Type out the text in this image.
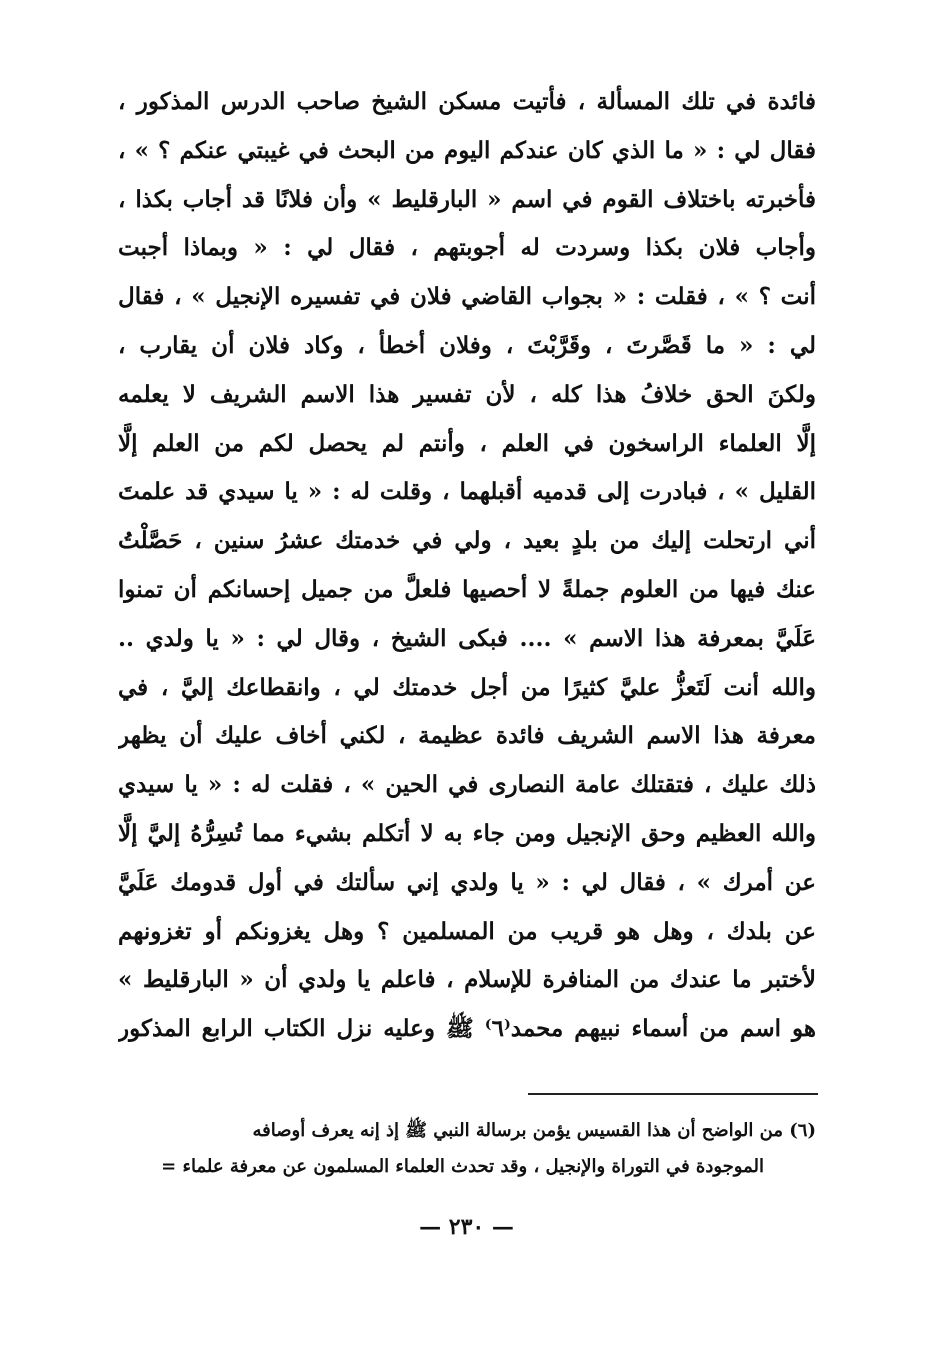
فائدة في تلك المسألة ، فأتيت مسكن الشيخ صاحب الدرس المذكور ،
فقال لي : « ما الذي كان عندكم اليوم من البحث في غيبتي عنكم ؟ » ،
فأخبرته باختلاف القوم في اسم « البارقليط » وأن فلانًا قد أجاب بكذا ،
وأجاب فلان بكذا وسردت له أجوبتهم ، فقال لي : « وبماذا أجبت
أنت ؟ » ، فقلت : « بجواب القاضي فلان في تفسيره الإنجيل » ، فقال
لي : « ما قَصَّرتَ ، وقَرَّبْتَ ، وفلان أخطأ ، وكاد فلان أن يقارب ،
ولكنَ الحق خلافُ هذا كله ، لأن تفسير هذا الاسم الشريف لا يعلمه
إلَّا العلماء الراسخون في العلم ، وأنتم لم يحصل لكم من العلم إلَّا
القليل » ، فبادرت إلى قدميه أقبلهما ، وقلت له : « يا سيدي قد علمتَ
أني ارتحلت إليك من بلدٍ بعيد ، ولي في خدمتك عشرُ سنين ، حَصَّلْتُ
عنك فيها من العلوم جملةً لا أحصيها فلعلَّ من جميل إحسانكم أن تمنوا
عَلَيَّ بمعرفة هذا الاسم » .... فبكى الشيخ ، وقال لي : « يا ولدي ..
والله أنت لَتَعزُّ عليَّ كثيرًا من أجل خدمتك لي ، وانقطاعك إليَّ ، في
معرفة هذا الاسم الشريف فائدة عظيمة ، لكني أخاف عليك أن يظهر
ذلك عليك ، فتقتلك عامة النصارى في الحين » ، فقلت له : « يا سيدي
والله العظيم وحق الإنجيل ومن جاء به لا أتكلم بشيء مما تُسِرُّهُ إليَّ إلَّا
عن أمرك » ، فقال لي : « يا ولدي إني سألتك في أول قدومك عَلَيَّ
عن بلدك ، وهل هو قريب من المسلمين ؟ وهل يغزونكم أو تغزونهم
لأختبر ما عندك من المنافرة للإسلام ، فاعلم يا ولدي أن « البارقليط »
هو اسم من أسماء نبيهم محمد⁽٦⁾ ﷺ وعليه نزل الكتاب الرابع المذكور
(٦) من الواضح أن هذا القسيس يؤمن برسالة النبي ﷺ إذ إنه يعرف أوصافه
الموجودة في التوراة والإنجيل ، وقد تحدث العلماء المسلمون عن معرفة علماء =
— ٢٣٠ —
